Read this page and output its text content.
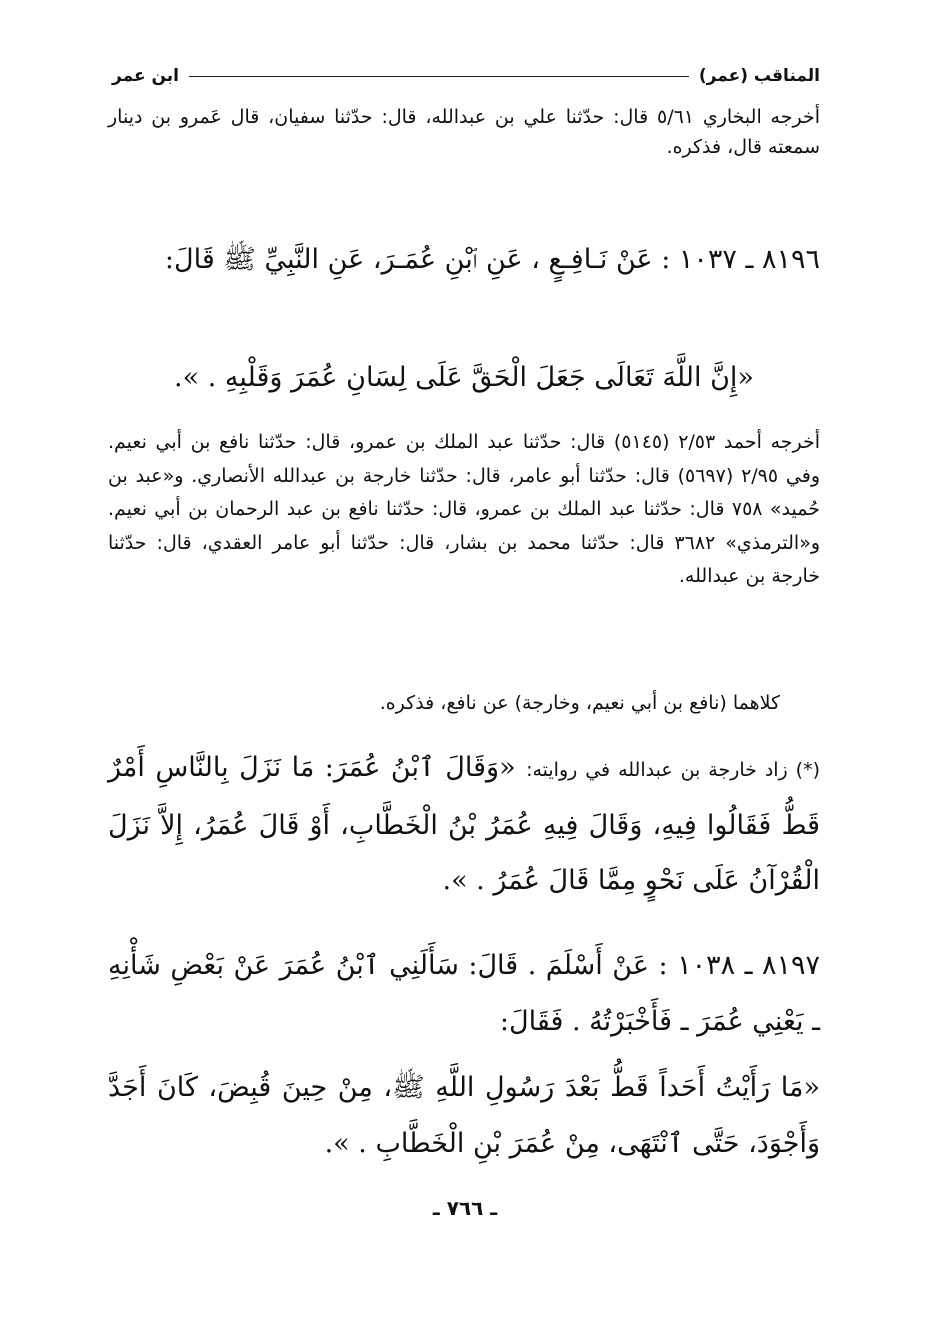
المناقب (عمر)
ابن عمر
أخرجه البخاري ٥/٦١ قال: حدّثنا علي بن عبدالله، قال: حدّثنا سفيان، قال عَمرو بن دينار سمعته قال، فذكره.
٨١٩٦ ـ ١٠٣٧ : عَنْ نَـافِـعٍ ، عَنِ ٱبْنِ عُمَـرَ، عَنِ النَّبِيِّ ﷺ قَالَ:
«إِنَّ اللَّهَ تَعَالَى جَعَلَ الْحَقَّ عَلَى لِسَانِ عُمَرَ وَقَلْبِهِ . ».
أخرجه أحمد ٢/٥٣ (٥١٤٥) قال: حدّثنا عبد الملك بن عمرو، قال: حدّثنا نافع بن أبي نعيم. وفي ٢/٩٥ (٥٦٩٧) قال: حدّثنا أبو عامر، قال: حدّثنا خارجة بن عبدالله الأنصاري. و«عبد بن حُميد» ٧٥٨ قال: حدّثنا عبد الملك بن عمرو، قال: حدّثنا نافع بن عبد الرحمان بن أبي نعيم. و«الترمذي» ٣٦٨٢ قال: حدّثنا محمد بن بشار، قال: حدّثنا أبو عامر العقدي، قال: حدّثنا خارجة بن عبدالله.
كلاهما (نافع بن أبي نعيم، وخارجة) عن نافع، فذكره.
(*) زاد خارجة بن عبدالله في روايته: «وَقَالَ ٱبْنُ عُمَرَ: مَا نَزَلَ بِالنَّاسِ أَمْرٌ قَطُّ فَقَالُوا فِيهِ، وَقَالَ فِيهِ عُمَرُ بْنُ الْخَطَّابِ، أَوْ قَالَ عُمَرُ، إِلاَّ نَزَلَ الْقُرْآنُ عَلَى نَحْوٍ مِمَّا قَالَ عُمَرُ . ».
٨١٩٧ ـ ١٠٣٨ : عَنْ أَسْلَمَ . قَالَ: سَأَلَنِي ٱبْنُ عُمَرَ عَنْ بَعْضِ شَأْنِهِ ـ يَعْنِي عُمَرَ ـ فَأَخْبَرْتُهُ . فَقَالَ:
«مَا رَأَيْتُ أَحَداً قَطُّ بَعْدَ رَسُولِ اللَّهِ ﷺ، مِنْ حِينَ قُبِضَ، كَانَ أَجَدَّ وَأَجْوَدَ، حَتَّى ٱنْتَهَى، مِنْ عُمَرَ بْنِ الْخَطَّابِ . ».
ـ ٧٦٦ ـ
